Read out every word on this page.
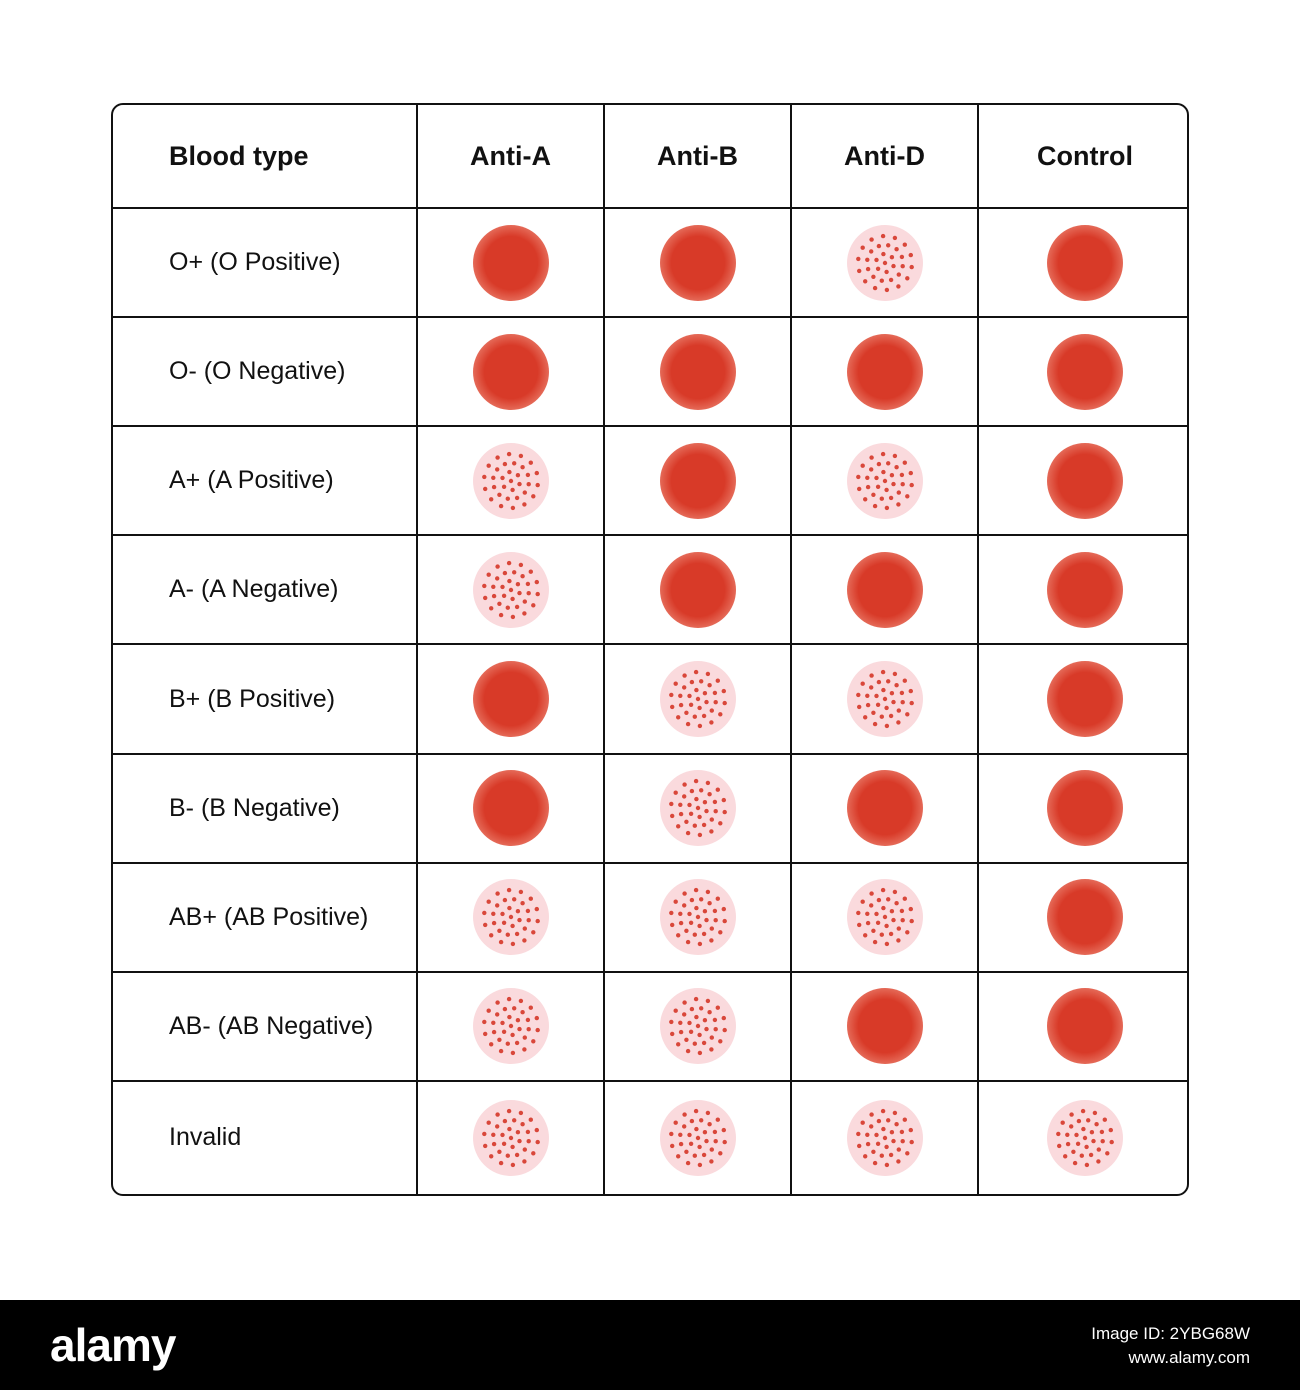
Blood type	Anti-A	Anti-B	Anti-D	Control
O+ (O Positive)				
O- (O Negative)				
A+ (A Positive)				
A- (A Negative)				
B+ (B Positive)				
B- (B Negative)				
AB+ (AB Positive)				
AB- (AB Negative)				
Invalid				
alamy	Image ID: 2YBG68W
www.alamy.com
